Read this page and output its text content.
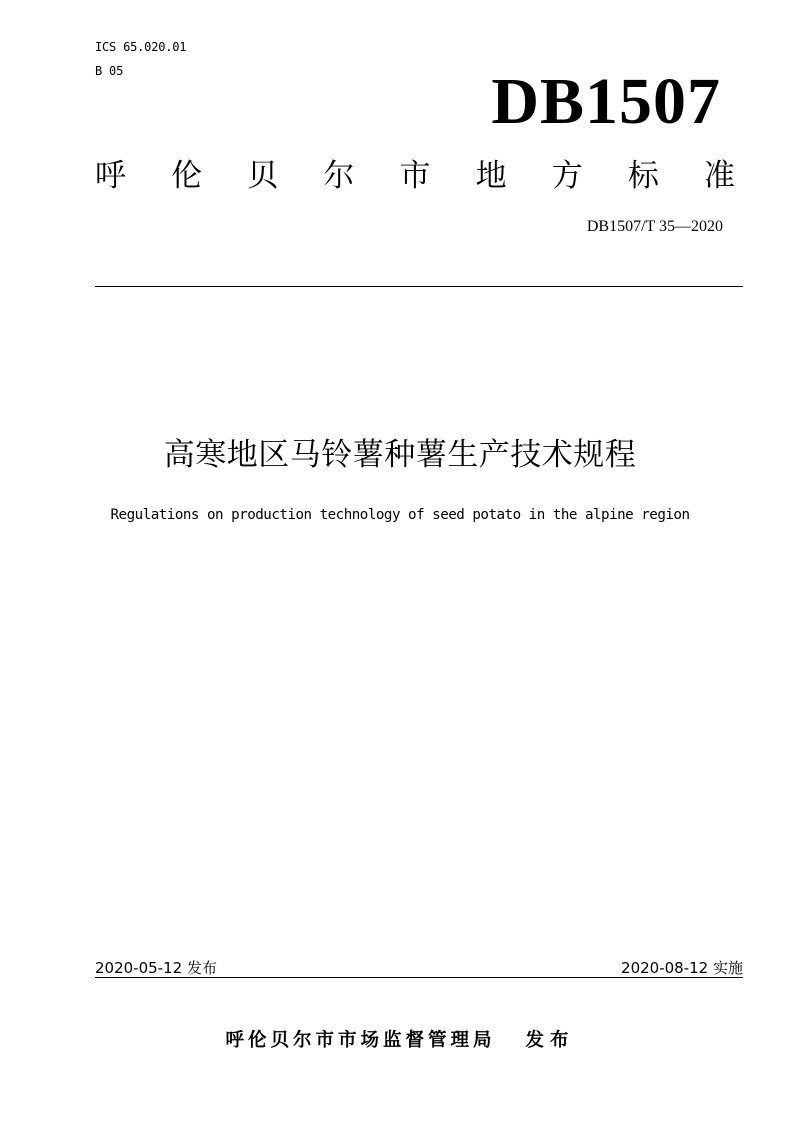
ICS 65.020.01
B 05	DB1507
呼 伦 贝 尔 市 地 方 标 准
DB1507/T 35—2020
高寒地区马铃薯种薯生产技术规程
Regulations on production technology of seed potato in the alpine region
2020-05-12 发布	2020-08-12 实施
呼伦贝尔市市场监督管理局 发布
